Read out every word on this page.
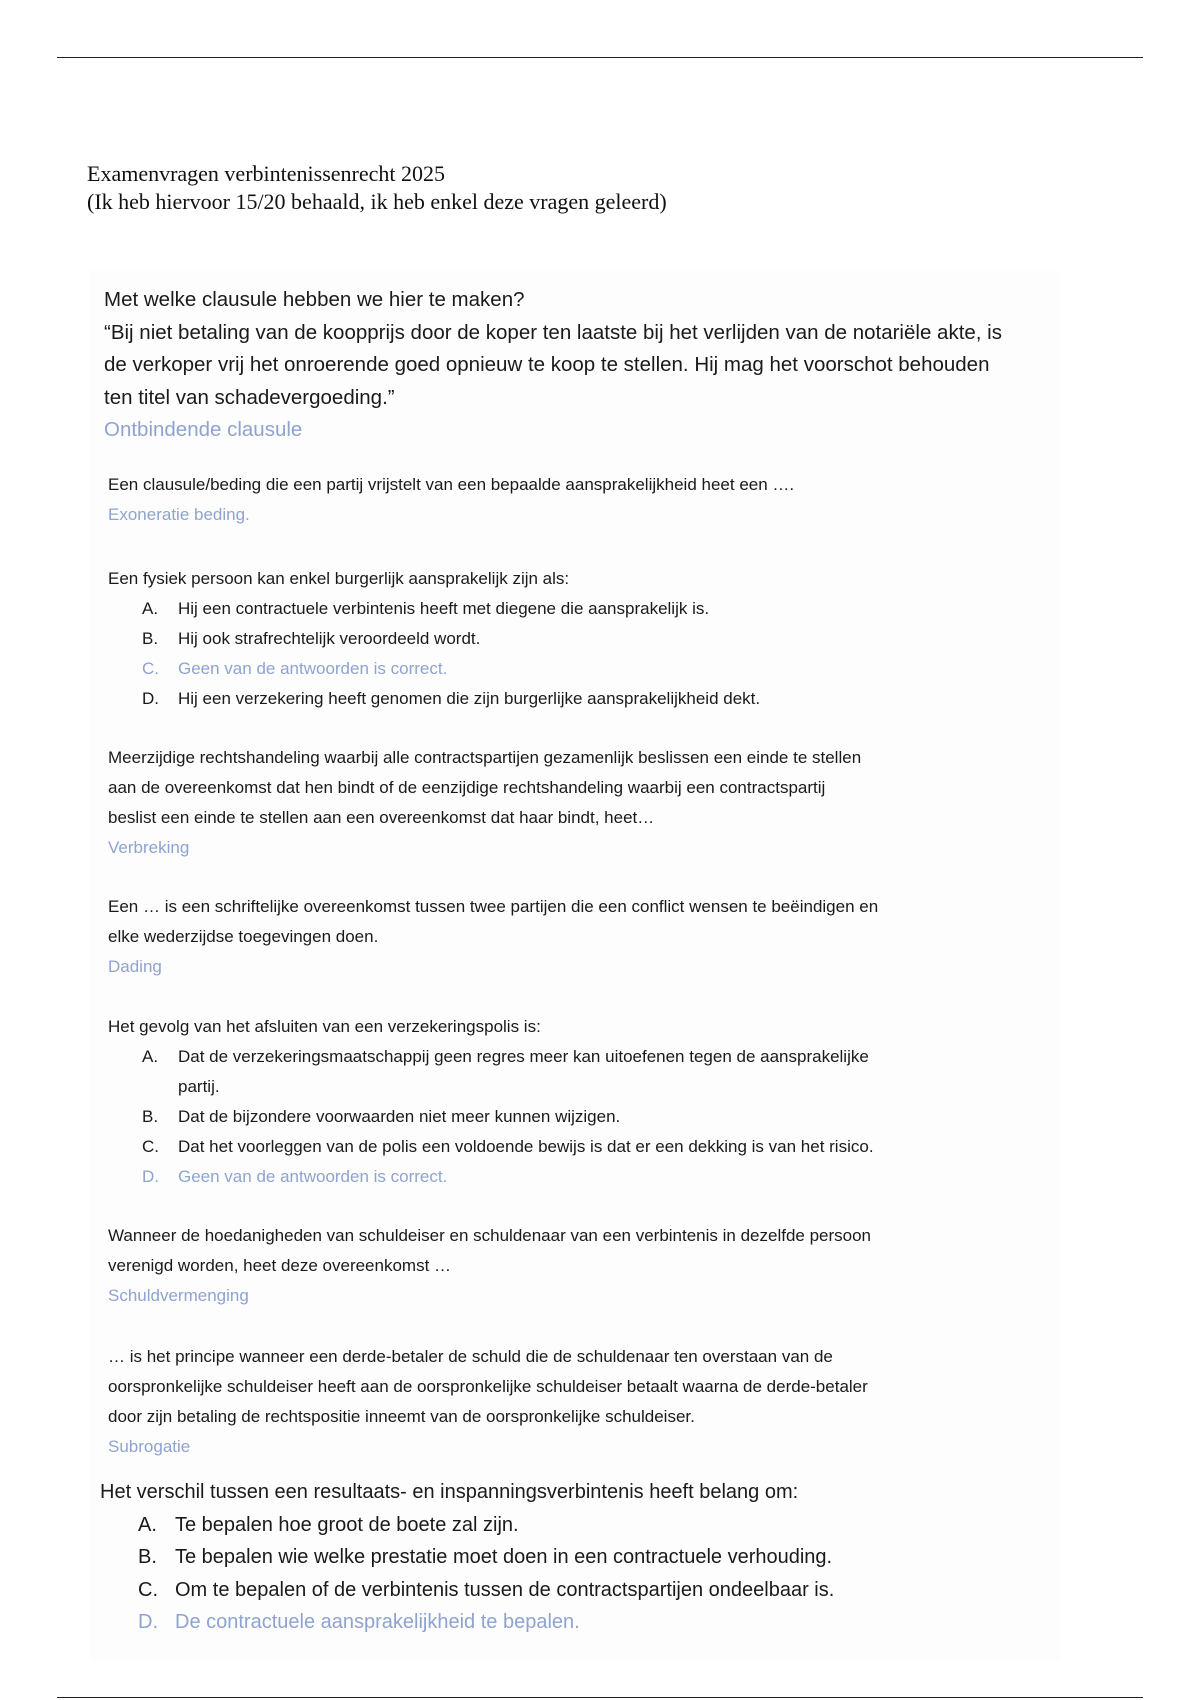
Examenvragen verbintenissenrecht 2025
(Ik heb hiervoor 15/20 behaald, ik heb enkel deze vragen geleerd)

Met welke clausule hebben we hier te maken?

“Bij niet betaling van de koopprijs door de koper ten laatste bij het verlijden van de notariële akte, is

de verkoper vrij het onroerende goed opnieuw te koop te stellen. Hij mag het voorschot behouden

ten titel van schadevergoeding.”

Ontbindende clausule

Een clausule/beding die een partij vrijstelt van een bepaalde aansprakelijkheid heet een ….

Exoneratie beding.

Een fysiek persoon kan enkel burgerlijk aansprakelijk zijn als:

A. Hij een contractuele verbintenis heeft met diegene die aansprakelijk is.
B. Hij ook strafrechtelijk veroordeeld wordt.
C. Geen van de antwoorden is correct.
D. Hij een verzekering heeft genomen die zijn burgerlijke aansprakelijkheid dekt.

Meerzijdige rechtshandeling waarbij alle contractspartijen gezamenlijk beslissen een einde te stellen

aan de overeenkomst dat hen bindt of de eenzijdige rechtshandeling waarbij een contractspartij

beslist een einde te stellen aan een overeenkomst dat haar bindt, heet…

Verbreking

Een … is een schriftelijke overeenkomst tussen twee partijen die een conflict wensen te beëindigen en

elke wederzijdse toegevingen doen.

Dading

Het gevolg van het afsluiten van een verzekeringspolis is:

A. Dat de verzekeringsmaatschappij geen regres meer kan uitoefenen tegen de aansprakelijke
partij.
B. Dat de bijzondere voorwaarden niet meer kunnen wijzigen.
C. Dat het voorleggen van de polis een voldoende bewijs is dat er een dekking is van het risico.
D. Geen van de antwoorden is correct.

Wanneer de hoedanigheden van schuldeiser en schuldenaar van een verbintenis in dezelfde persoon

verenigd worden, heet deze overeenkomst …

Schuldvermenging

… is het principe wanneer een derde-betaler de schuld die de schuldenaar ten overstaan van de

oorspronkelijke schuldeiser heeft aan de oorspronkelijke schuldeiser betaalt waarna de derde-betaler

door zijn betaling de rechtspositie inneemt van de oorspronkelijke schuldeiser.

Subrogatie

Het verschil tussen een resultaats- en inspanningsverbintenis heeft belang om:

A. Te bepalen hoe groot de boete zal zijn.
B. Te bepalen wie welke prestatie moet doen in een contractuele verhouding.
C. Om te bepalen of de verbintenis tussen de contractspartijen ondeelbaar is.
D. De contractuele aansprakelijkheid te bepalen.
